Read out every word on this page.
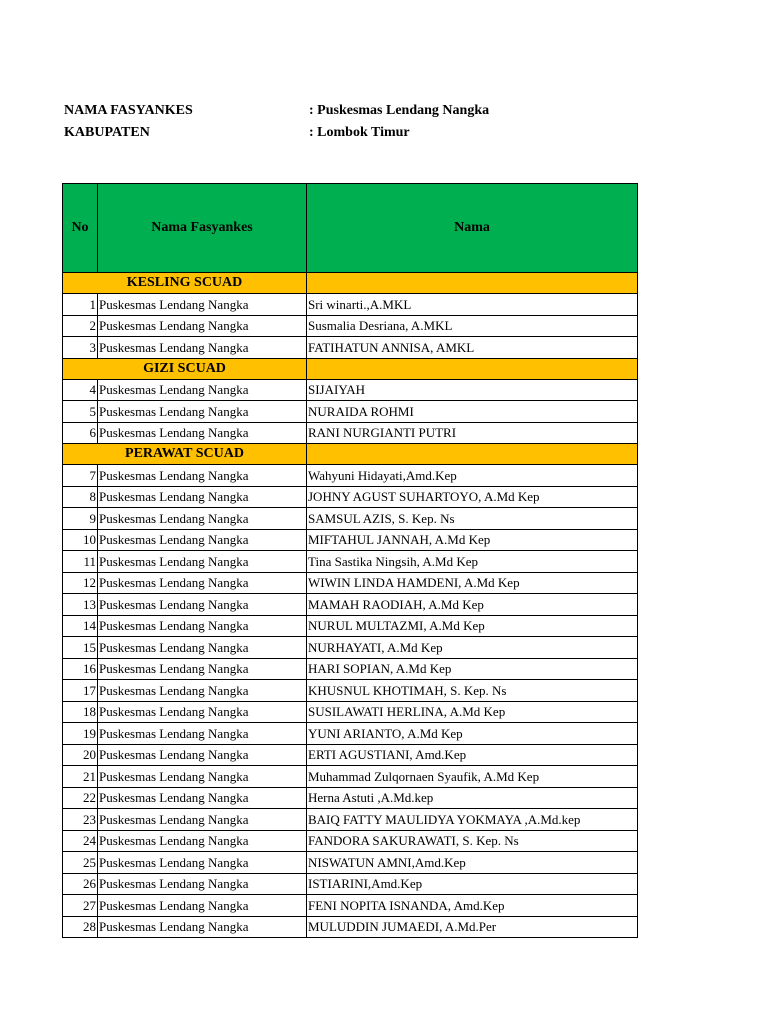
NAMA FASYANKES	: Puskesmas Lendang Nangka
KABUPATEN	: Lombok Timur
No	Nama Fasyankes	Nama
KESLING SCUAD		
1	Puskesmas Lendang Nangka	Sri winarti.,A.MKL
2	Puskesmas Lendang Nangka	Susmalia Desriana, A.MKL
3	Puskesmas Lendang Nangka	FATIHATUN ANNISA, AMKL
GIZI SCUAD		
4	Puskesmas Lendang Nangka	SIJAIYAH
5	Puskesmas Lendang Nangka	NURAIDA ROHMI
6	Puskesmas Lendang Nangka	RANI NURGIANTI PUTRI
PERAWAT SCUAD		
7	Puskesmas Lendang Nangka	Wahyuni Hidayati,Amd.Kep
8	Puskesmas Lendang Nangka	JOHNY AGUST SUHARTOYO, A.Md Kep
9	Puskesmas Lendang Nangka	SAMSUL AZIS, S. Kep. Ns
10	Puskesmas Lendang Nangka	MIFTAHUL JANNAH, A.Md Kep
11	Puskesmas Lendang Nangka	Tina Sastika Ningsih, A.Md Kep
12	Puskesmas Lendang Nangka	WIWIN LINDA HAMDENI, A.Md Kep
13	Puskesmas Lendang Nangka	MAMAH RAODIAH, A.Md Kep
14	Puskesmas Lendang Nangka	NURUL MULTAZMI, A.Md Kep
15	Puskesmas Lendang Nangka	NURHAYATI, A.Md Kep
16	Puskesmas Lendang Nangka	HARI SOPIAN, A.Md Kep
17	Puskesmas Lendang Nangka	KHUSNUL KHOTIMAH, S. Kep. Ns
18	Puskesmas Lendang Nangka	SUSILAWATI HERLINA, A.Md Kep
19	Puskesmas Lendang Nangka	YUNI ARIANTO, A.Md Kep
20	Puskesmas Lendang Nangka	ERTI AGUSTIANI, Amd.Kep
21	Puskesmas Lendang Nangka	Muhammad Zulqornaen Syaufik, A.Md Kep
22	Puskesmas Lendang Nangka	Herna Astuti ,A.Md.kep
23	Puskesmas Lendang Nangka	BAIQ FATTY MAULIDYA YOKMAYA ,A.Md.kep
24	Puskesmas Lendang Nangka	FANDORA SAKURAWATI, S. Kep. Ns
25	Puskesmas Lendang Nangka	NISWATUN AMNI,Amd.Kep
26	Puskesmas Lendang Nangka	ISTIARINI,Amd.Kep
27	Puskesmas Lendang Nangka	FENI NOPITA ISNANDA, Amd.Kep
28	Puskesmas Lendang Nangka	MULUDDIN JUMAEDI, A.Md.Per
